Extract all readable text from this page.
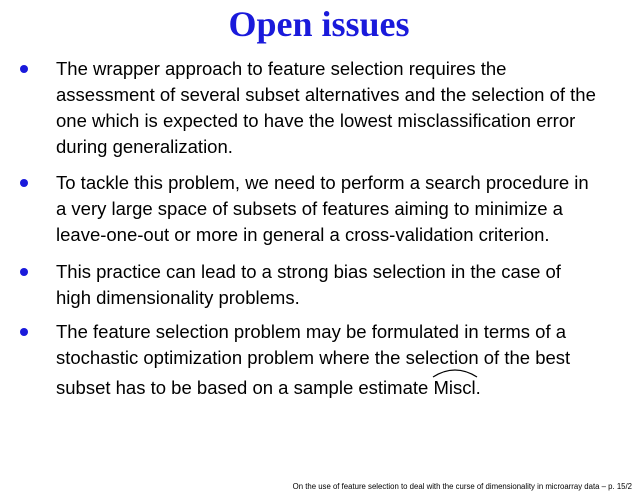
Open issues
The wrapper approach to feature selection requires the
assessment of several subset alternatives and the selection of the
one which is expected to have the lowest misclassification error
during generalization.
To tackle this problem, we need to perform a search procedure in
a very large space of subsets of features aiming to minimize a
leave-one-out or more in general a cross-validation criterion.
This practice can lead to a strong bias selection in the case of
high dimensionality problems.
The feature selection problem may be formulated in terms of a
stochastic optimization problem where the selection of the best
subset has to be based on a sample estimate
Miscl.
On the use of feature selection to deal with the curse of dimensionality in microarray data – p. 15/2
